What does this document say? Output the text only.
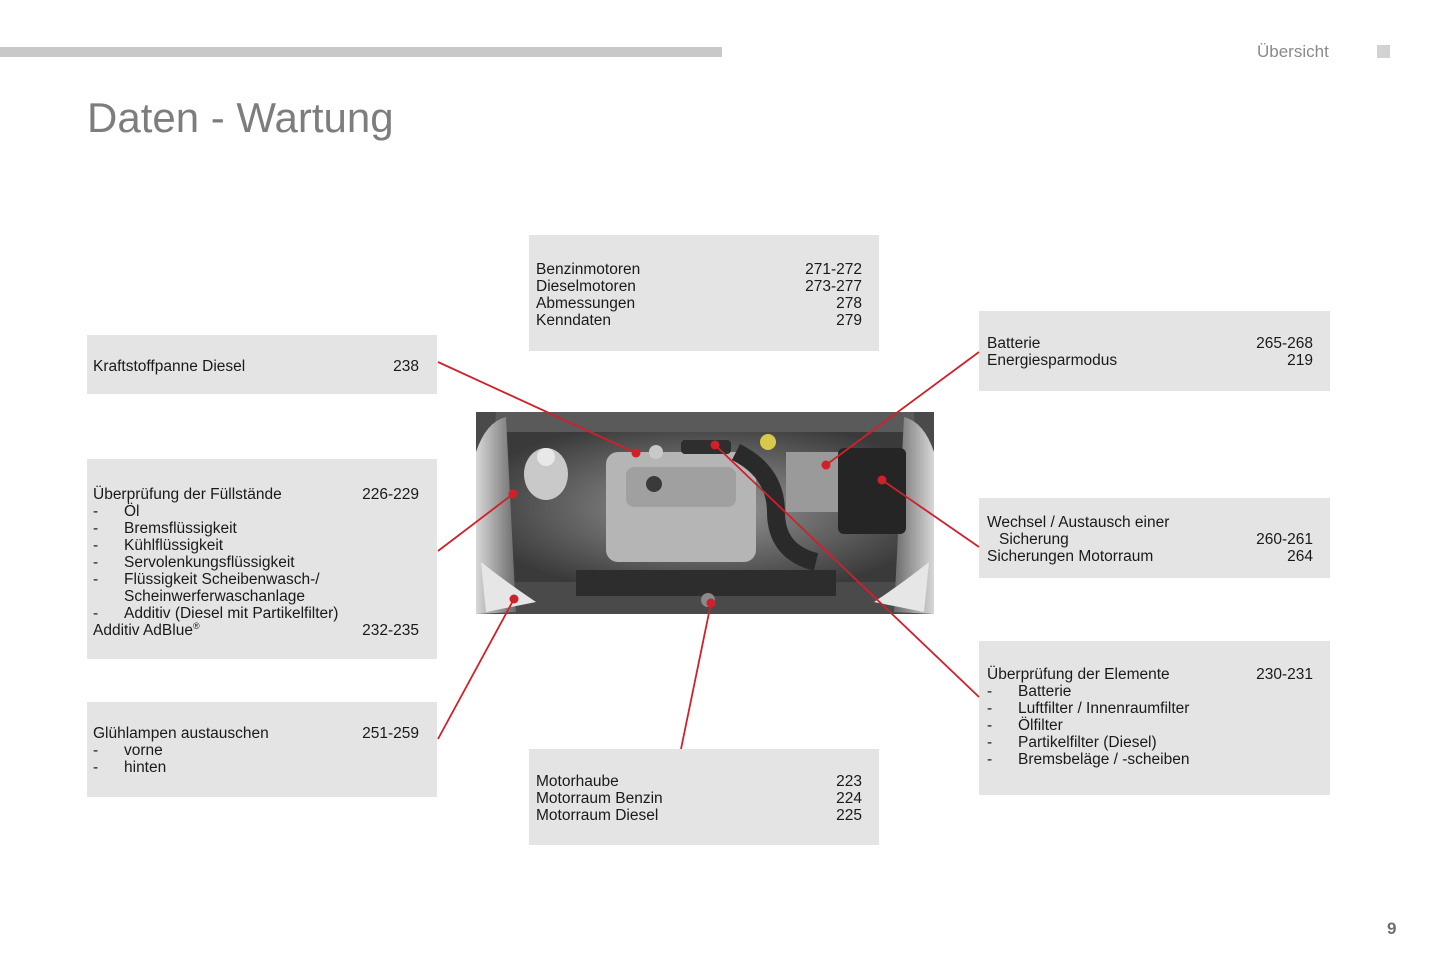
Übersicht
Daten - Wartung
Benzinmotoren	271-272
Dieselmotoren	273-277
Abmessungen	278
Kenndaten	279
Kraftstoffpanne Diesel	238
Batterie	265-268
Energiesparmodus	219
Überprüfung der Füllstände	226-229
-	Öl
-	Bremsflüssigkeit
-	Kühlflüssigkeit
-	Servolenkungsflüssigkeit
-	Flüssigkeit Scheibenwasch-/
Scheinwerferwaschanlage
-	Additiv (Diesel mit Partikelfilter)
Additiv AdBlue®	232-235
Wechsel / Austausch einer
Sicherung	260-261
Sicherungen Motorraum	264
Glühlampen austauschen	251-259
-	vorne
-	hinten
Überprüfung der Elemente	230-231
-	Batterie
-	Luftfilter / Innenraumfilter
-	Ölfilter
-	Partikelfilter (Diesel)
-	Bremsbeläge / -scheiben
Motorhaube	223
Motorraum Benzin	224
Motorraum Diesel	225
9
